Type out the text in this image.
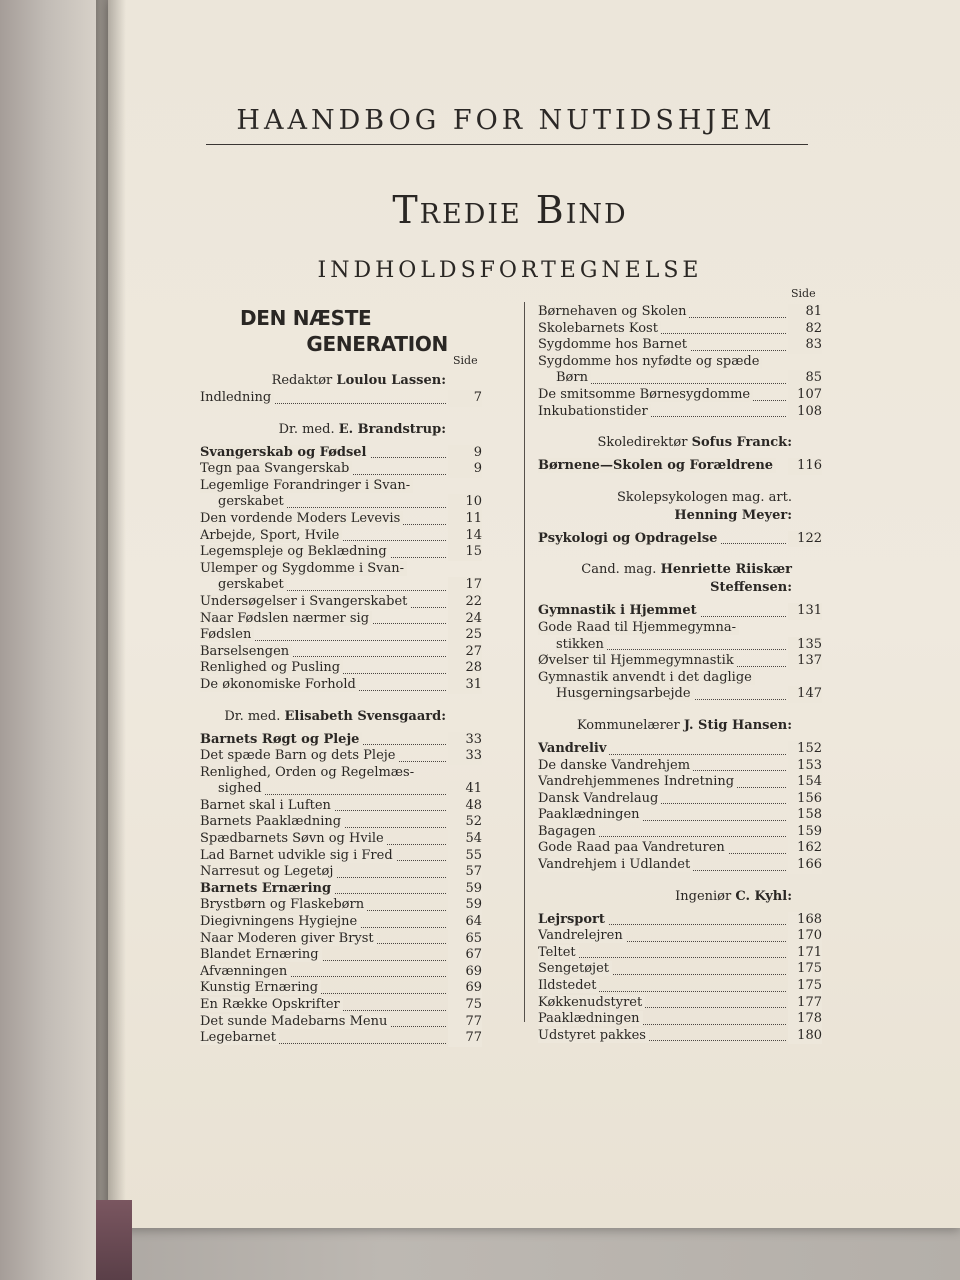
HAANDBOG FOR NUTIDSHJEM
Tredie Bind
INDHOLDSFORTEGNELSE
DEN NÆSTE
GENERATION
Side
Side
Redaktør Loulou Lassen:
Indledning	7
Dr. med. E. Brandstrup:
Svangerskab og Fødsel	9
Tegn paa Svangerskab	9
Legemlige Forandringer i Svan-
gerskabet	10
Den vordende Moders Levevis	11
Arbejde, Sport, Hvile	14
Legemspleje og Beklædning	15
Ulemper og Sygdomme i Svan-
gerskabet	17
Undersøgelser i Svangerskabet	22
Naar Fødslen nærmer sig	24
Fødslen	25
Barselsengen	27
Renlighed og Pusling	28
De økonomiske Forhold	31
Dr. med. Elisabeth Svensgaard:
Barnets Røgt og Pleje	33
Det spæde Barn og dets Pleje	33
Renlighed, Orden og Regelmæs-
sighed	41
Barnet skal i Luften	48
Barnets Paaklædning	52
Spædbarnets Søvn og Hvile	54
Lad Barnet udvikle sig i Fred	55
Narresut og Legetøj	57
Barnets Ernæring	59
Brystbørn og Flaskebørn	59
Diegivningens Hygiejne	64
Naar Moderen giver Bryst	65
Blandet Ernæring	67
Afvænningen	69
Kunstig Ernæring	69
En Række Opskrifter	75
Det sunde Madebarns Menu	77
Legebarnet	77
Børnehaven og Skolen	81
Skolebarnets Kost	82
Sygdomme hos Barnet	83
Sygdomme hos nyfødte og spæde
Børn	85
De smitsomme Børnesygdomme	107
Inkubationstider	108
Skoledirektør Sofus Franck:
Børnene—Skolen og Forældrene	116
Skolepsykologen mag. art.
Henning Meyer:
Psykologi og Opdragelse	122
Cand. mag. Henriette Riiskær
Steffensen:
Gymnastik i Hjemmet	131
Gode Raad til Hjemmegymna-
stikken	135
Øvelser til Hjemmegymnastik	137
Gymnastik anvendt i det daglige
Husgerningsarbejde	147
Kommunelærer J. Stig Hansen:
Vandreliv	152
De danske Vandrehjem	153
Vandrehjemmenes Indretning	154
Dansk Vandrelaug	156
Paaklædningen	158
Bagagen	159
Gode Raad paa Vandreturen	162
Vandrehjem i Udlandet	166
Ingeniør C. Kyhl:
Lejrsport	168
Vandrelejren	170
Teltet	171
Sengetøjet	175
Ildstedet	175
Køkkenudstyret	177
Paaklædningen	178
Udstyret pakkes	180
